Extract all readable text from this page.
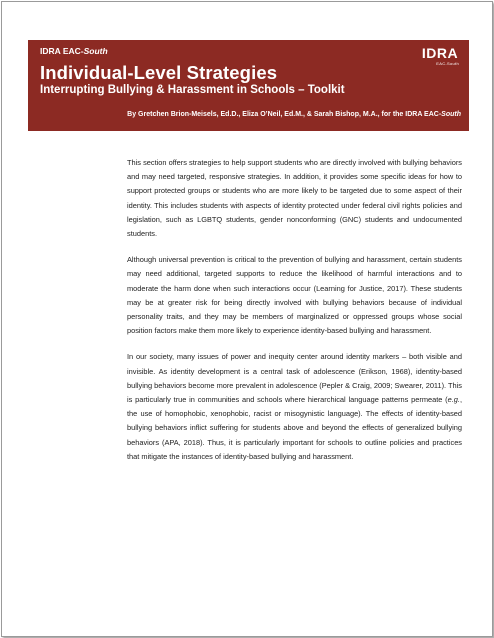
IDRA EAC-South
Individual-Level Strategies
Interrupting Bullying & Harassment in Schools – Toolkit
By Gretchen Brion-Meisels, Ed.D., Eliza O’Neil, Ed.M., & Sarah Bishop, M.A., for the IDRA EAC-South
IDRA
EAC-South

This section offers strategies to help support students who are directly involved with bullying behaviors and may need targeted, responsive strategies. In addition, it provides some specific ideas for how to support protected groups or students who are more likely to be targeted due to some aspect of their identity. This includes students with aspects of identity protected under federal civil rights policies and legislation, such as LGBTQ students, gender nonconforming (GNC) students and undocumented students.

Although universal prevention is critical to the prevention of bullying and harassment, certain students may need additional, targeted supports to reduce the likelihood of harmful interactions and to moderate the harm done when such interactions occur (Learning for Justice, 2017). These students may be at greater risk for being directly involved with bullying behaviors because of individual personality traits, and they may be members of marginalized or oppressed groups whose social position factors make them more likely to experience identity-based bullying and harassment.

In our society, many issues of power and inequity center around identity markers – both visible and invisible. As identity development is a central task of adolescence (Erikson, 1968), identity-based bullying behaviors become more prevalent in adolescence (Pepler & Craig, 2009; Swearer, 2011). This is particularly true in communities and schools where hierarchical language patterns permeate (e.g., the use of homophobic, xenophobic, racist or misogynistic language). The effects of identity-based bullying behaviors inflict suffering for students above and beyond the effects of generalized bullying behaviors (APA, 2018). Thus, it is particularly important for schools to outline policies and practices that mitigate the instances of identity-based bullying and harassment.
